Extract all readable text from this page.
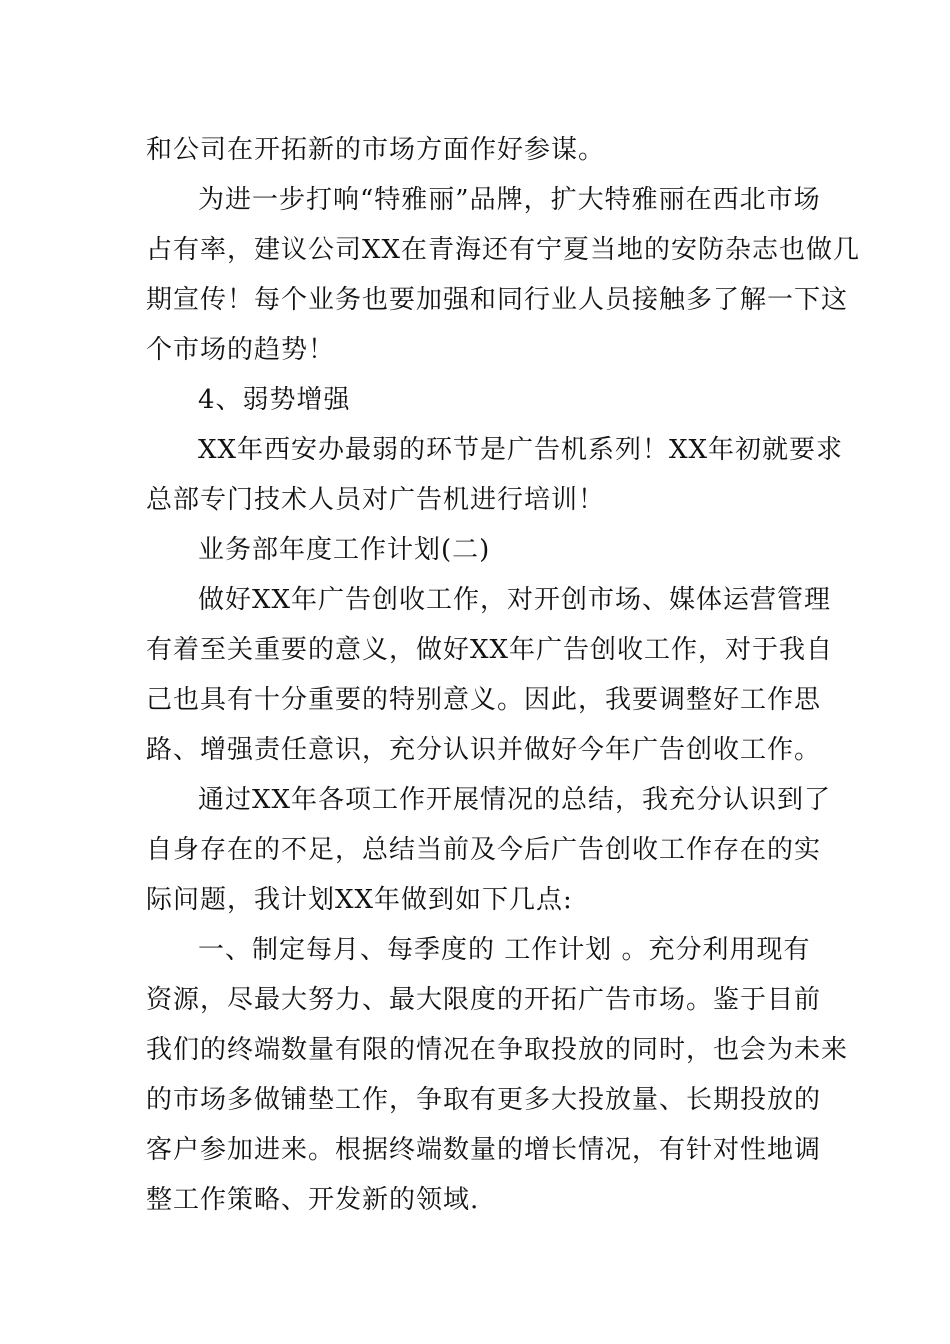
和公司在开拓新的市场方面作好参谋。
为进一步打响“特雅丽”品牌，扩大特雅丽在西北市场
占有率，建议公司XX在青海还有宁夏当地的安防杂志也做几
期宣传！每个业务也要加强和同行业人员接触多了解一下这
个市场的趋势！
4、弱势增强
XX年西安办最弱的环节是广告机系列！XX年初就要求
总部专门技术人员对广告机进行培训！
业务部年度工作计划(二)
做好XX年广告创收工作，对开创市场、媒体运营管理
有着至关重要的意义，做好XX年广告创收工作，对于我自
己也具有十分重要的特别意义。因此，我要调整好工作思
路、增强责任意识，充分认识并做好今年广告创收工作。
通过XX年各项工作开展情况的总结，我充分认识到了
自身存在的不足，总结当前及今后广告创收工作存在的实
际问题，我计划XX年做到如下几点:
一、制定每月、每季度的 工作计划 。充分利用现有
资源，尽最大努力、最大限度的开拓广告市场。鉴于目前
我们的终端数量有限的情况在争取投放的同时，也会为未来
的市场多做铺垫工作，争取有更多大投放量、长期投放的
客户参加进来。根据终端数量的增长情况，有针对性地调
整工作策略、开发新的领域.
